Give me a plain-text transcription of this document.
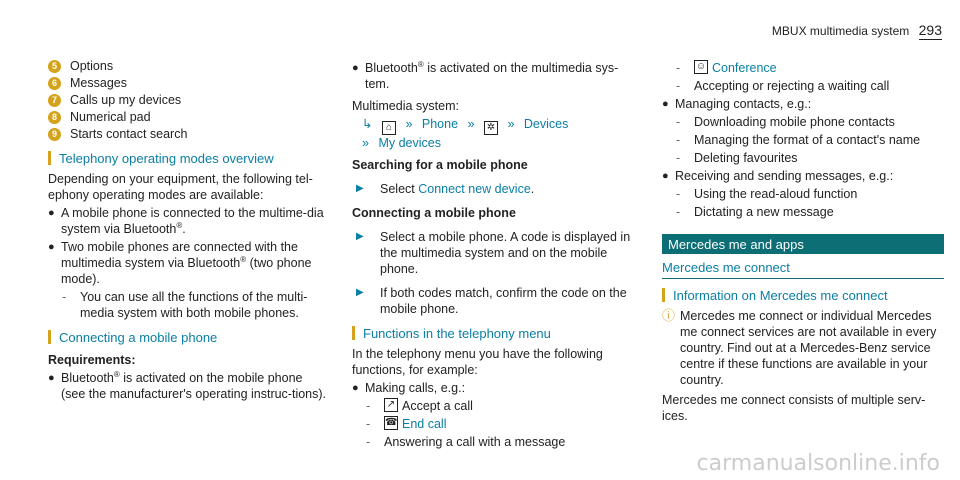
MBUX multimedia system 293
5	Options
6	Messages
7	Calls up my devices
8	Numerical pad
9	Starts contact search
Telephony operating modes overview

Depending on your equipment, the following tel-ephony operating modes are available:

● A mobile phone is connected to the multime-dia system via Bluetooth®.
● Two mobile phones are connected with the multimedia system via Bluetooth® (two phone mode).
-	You can use all the functions of the multi-media system with both mobile phones.
Connecting a mobile phone
Requirements:
● Bluetooth® is activated on the mobile phone (see the manufacturer's operating instruc-tions).
● Bluetooth® is activated on the multimedia sys-tem.

Multimedia system:

↳ ⌂ » Phone » ✲ » Devices
» My devices
Searching for a mobile phone
▶	Select Connect new device.
Connecting a mobile phone
▶	Select a mobile phone. A code is displayed in the multimedia system and on the mobile phone.
▶	If both codes match, confirm the code on the mobile phone.
Functions in the telephony menu

In the telephony menu you have the following functions, for example:

● Making calls, e.g.:
-	↗ Accept a call
-	☎ End call
-	Answering a call with a message
-	☺ Conference
-	Accepting or rejecting a waiting call
● Managing contacts, e.g.:
-	Downloading mobile phone contacts
-	Managing the format of a contact's name
-	Deleting favourites
● Receiving and sending messages, e.g.:
-	Using the read-aloud function
-	Dictating a new message
Mercedes me and apps
Mercedes me connect
Information on Mercedes me connect
ⓘ Mercedes me connect or individual Mercedes me connect services are not available in every country. Find out at a Mercedes-Benz service centre if these functions are available in your country.

Mercedes me connect consists of multiple serv-ices.

carmanualsonline.info
